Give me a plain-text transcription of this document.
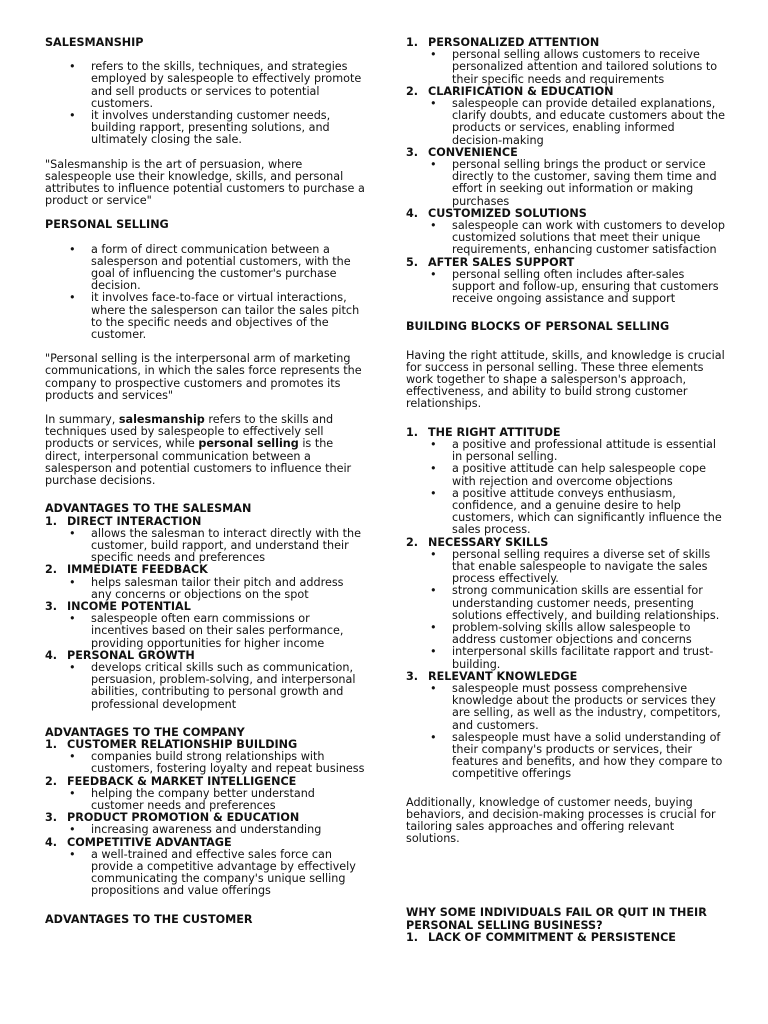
SALESMANSHIP

• refers to the skills, techniques, and strategies employed by salespeople to effectively promote and sell products or services to potential customers.
• it involves understanding customer needs, building rapport, presenting solutions, and ultimately closing the sale.

"Salesmanship is the art of persuasion, where salespeople use their knowledge, skills, and personal attributes to influence potential customers to purchase a product or service"

PERSONAL SELLING

• a form of direct communication between a salesperson and potential customers, with the goal of influencing the customer's purchase decision.
• it involves face-to-face or virtual interactions, where the salesperson can tailor the sales pitch to the specific needs and objectives of the customer.

"Personal selling is the interpersonal arm of marketing communications, in which the sales force represents the company to prospective customers and promotes its products and services"

In summary, salesmanship refers to the skills and techniques used by salespeople to effectively sell products or services, while personal selling is the direct, interpersonal communication between a salesperson and potential customers to influence their purchase decisions.

ADVANTAGES TO THE SALESMAN

1. DIRECT INTERACTION
• allows the salesman to interact directly with the customer, build rapport, and understand their specific needs and preferences
2. IMMEDIATE FEEDBACK
• helps salesman tailor their pitch and address any concerns or objections on the spot
3. INCOME POTENTIAL
• salespeople often earn commissions or incentives based on their sales performance, providing opportunities for higher income
4. PERSONAL GROWTH
• develops critical skills such as communication, persuasion, problem-solving, and interpersonal abilities, contributing to personal growth and professional development

ADVANTAGES TO THE COMPANY

1. CUSTOMER RELATIONSHIP BUILDING
• companies build strong relationships with customers, fostering loyalty and repeat business
2. FEEDBACK & MARKET INTELLIGENCE
• helping the company better understand customer needs and preferences
3. PRODUCT PROMOTION & EDUCATION
• increasing awareness and understanding
4. COMPETITIVE ADVANTAGE
• a well-trained and effective sales force can provide a competitive advantage by effectively communicating the company's unique selling propositions and value offerings

ADVANTAGES TO THE CUSTOMER

1. PERSONALIZED ATTENTION
• personal selling allows customers to receive personalized attention and tailored solutions to their specific needs and requirements
2. CLARIFICATION & EDUCATION
• salespeople can provide detailed explanations, clarify doubts, and educate customers about the products or services, enabling informed decision-making
3. CONVENIENCE
• personal selling brings the product or service directly to the customer, saving them time and effort in seeking out information or making purchases
4. CUSTOMIZED SOLUTIONS
• salespeople can work with customers to develop customized solutions that meet their unique requirements, enhancing customer satisfaction
5. AFTER SALES SUPPORT
• personal selling often includes after-sales support and follow-up, ensuring that customers receive ongoing assistance and support

BUILDING BLOCKS OF PERSONAL SELLING

Having the right attitude, skills, and knowledge is crucial for success in personal selling. These three elements work together to shape a salesperson's approach, effectiveness, and ability to build strong customer relationships.

1. THE RIGHT ATTITUDE
• a positive and professional attitude is essential in personal selling.
• a positive attitude can help salespeople cope with rejection and overcome objections
• a positive attitude conveys enthusiasm, confidence, and a genuine desire to help customers, which can significantly influence the sales process.
2. NECESSARY SKILLS
• personal selling requires a diverse set of skills that enable salespeople to navigate the sales process effectively.
• strong communication skills are essential for understanding customer needs, presenting solutions effectively, and building relationships.
• problem-solving skills allow salespeople to address customer objections and concerns
• interpersonal skills facilitate rapport and trust-building.
3. RELEVANT KNOWLEDGE
• salespeople must possess comprehensive knowledge about the products or services they are selling, as well as the industry, competitors, and customers.
• salespeople must have a solid understanding of their company's products or services, their features and benefits, and how they compare to competitive offerings

Additionally, knowledge of customer needs, buying behaviors, and decision-making processes is crucial for tailoring sales approaches and offering relevant solutions.

WHY SOME INDIVIDUALS FAIL OR QUIT IN THEIR PERSONAL SELLING BUSINESS?

1. LACK OF COMMITMENT & PERSISTENCE
